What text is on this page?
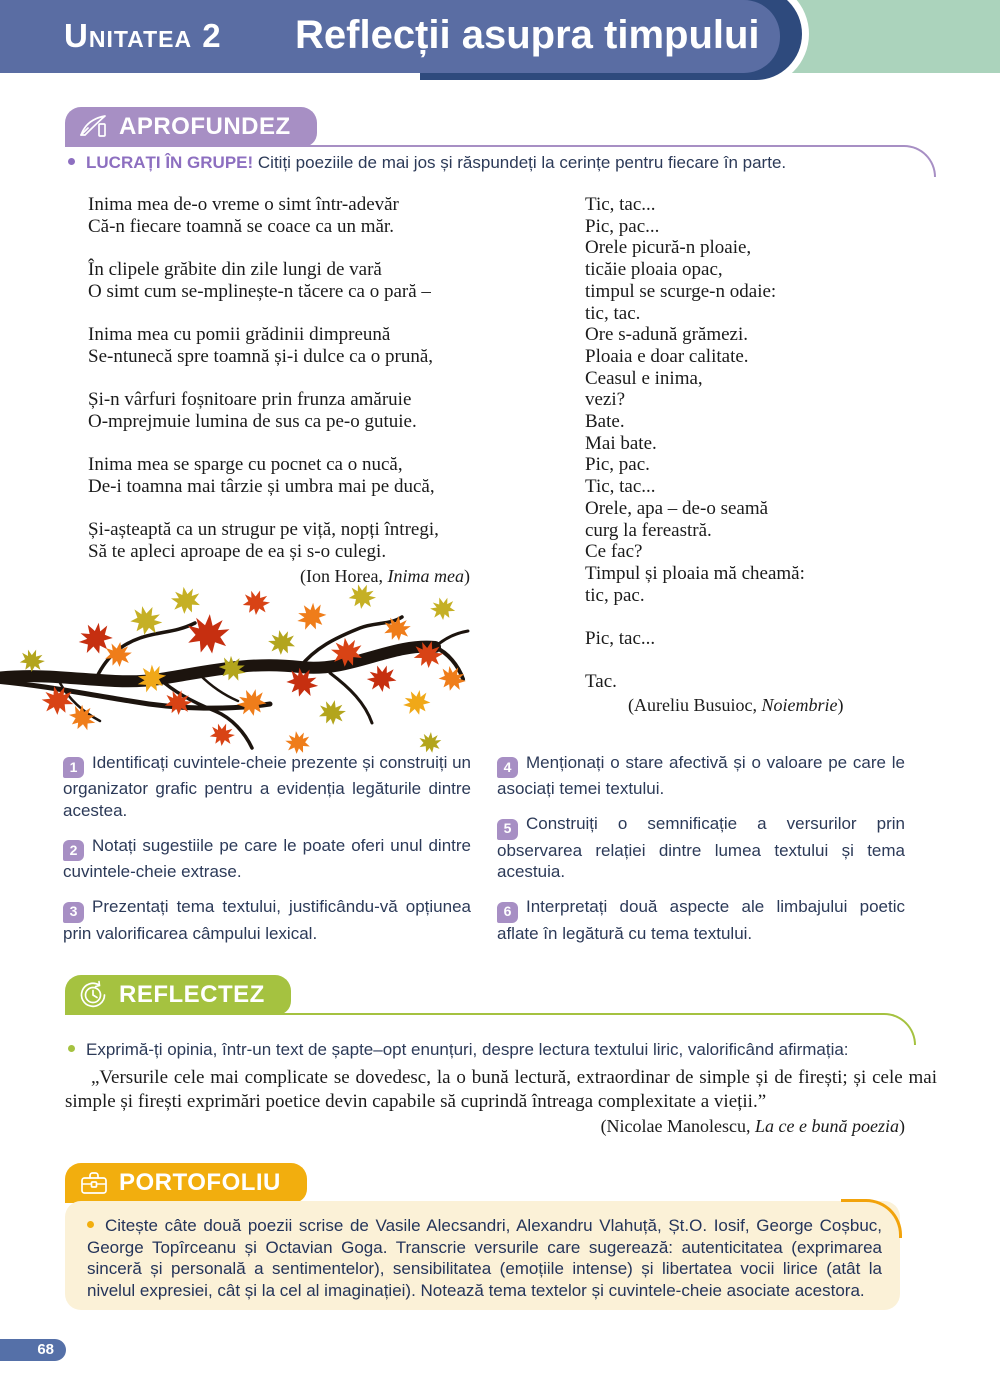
Unitatea 2 Reflecții asupra timpului
APROFUNDEZ
LUCRAȚI ÎN GRUPE! Citiți poeziile de mai jos și răspundeți la cerințe pentru fiecare în parte.
Inima mea de-o vreme o simt într-adevăr
Că-n fiecare toamnă se coace ca un măr.
În clipele grăbite din zile lungi de vară
O simt cum se-mplinește-n tăcere ca o pară –
Inima mea cu pomii grădinii dimpreună
Se-ntunecă spre toamnă și-i dulce ca o prună,
Și-n vârfuri foșnitoare prin frunza amăruie
O-mprejmuie lumina de sus ca pe-o gutuie.
Inima mea se sparge cu pocnet ca o nucă,
De-i toamna mai târzie și umbra mai pe ducă,
Și-așteaptă ca un strugur pe viță, nopți întregi,
Să te apleci aproape de ea și s-o culegi.
(Ion Horea, Inima mea)
Tic, tac...
Pic, pac...
Orele picură-n ploaie,
ticăie ploaia opac,
timpul se scurge-n odaie:
tic, tac.
Ore s-adună grămezi.
Ploaia e doar calitate.
Ceasul e inima,
vezi?
Bate.
Mai bate.
Pic, pac.
Tic, tac...
Orele, apa – de-o seamă
curg la fereastră.
Ce fac?
Timpul și ploaia mă cheamă:
tic, pac.
Pic, tac...
Tac.
(Aureliu Busuioc, Noiembrie)
1 Identificați cuvintele-cheie prezente și construiți un organizator grafic pentru a evidenția legăturile dintre acestea.
2 Notați sugestiile pe care le poate oferi unul dintre cuvintele-cheie extrase.
3 Prezentați tema textului, justificându-vă opțiunea prin valorificarea câmpului lexical.
4 Menționați o stare afectivă și o valoare pe care le asociați temei textului.
5 Construiți o semnificație a versurilor prin observarea relației dintre lumea textului și tema acestuia.
6 Interpretați două aspecte ale limbajului poetic aflate în legătură cu tema textului.
REFLECTEZ
Exprimă-ți opinia, într-un text de șapte–opt enunțuri, despre lectura textului liric, valorificând afirmația:
„Versurile cele mai complicate se dovedesc, la o bună lectură, extraordinar de simple și de firești; și cele mai simple și firești exprimări poetice devin capabile să cuprindă întreaga complexitate a vieții.”
(Nicolae Manolescu, La ce e bună poezia)
PORTOFOLIU

Citește câte două poezii scrise de Vasile Alecsandri, Alexandru Vlahuță, Șt.O. Iosif, George Coșbuc, George Topîrceanu și Octavian Goga. Transcrie versurile care sugerează: autenticitatea (exprimarea sinceră și personală a sentimentelor), sensibilitatea (emoțiile intense) și libertatea vocii lirice (atât la nivelul expresiei, cât și la cel al imaginației). Notează tema textelor și cuvintele-cheie asociate acestora.

68
